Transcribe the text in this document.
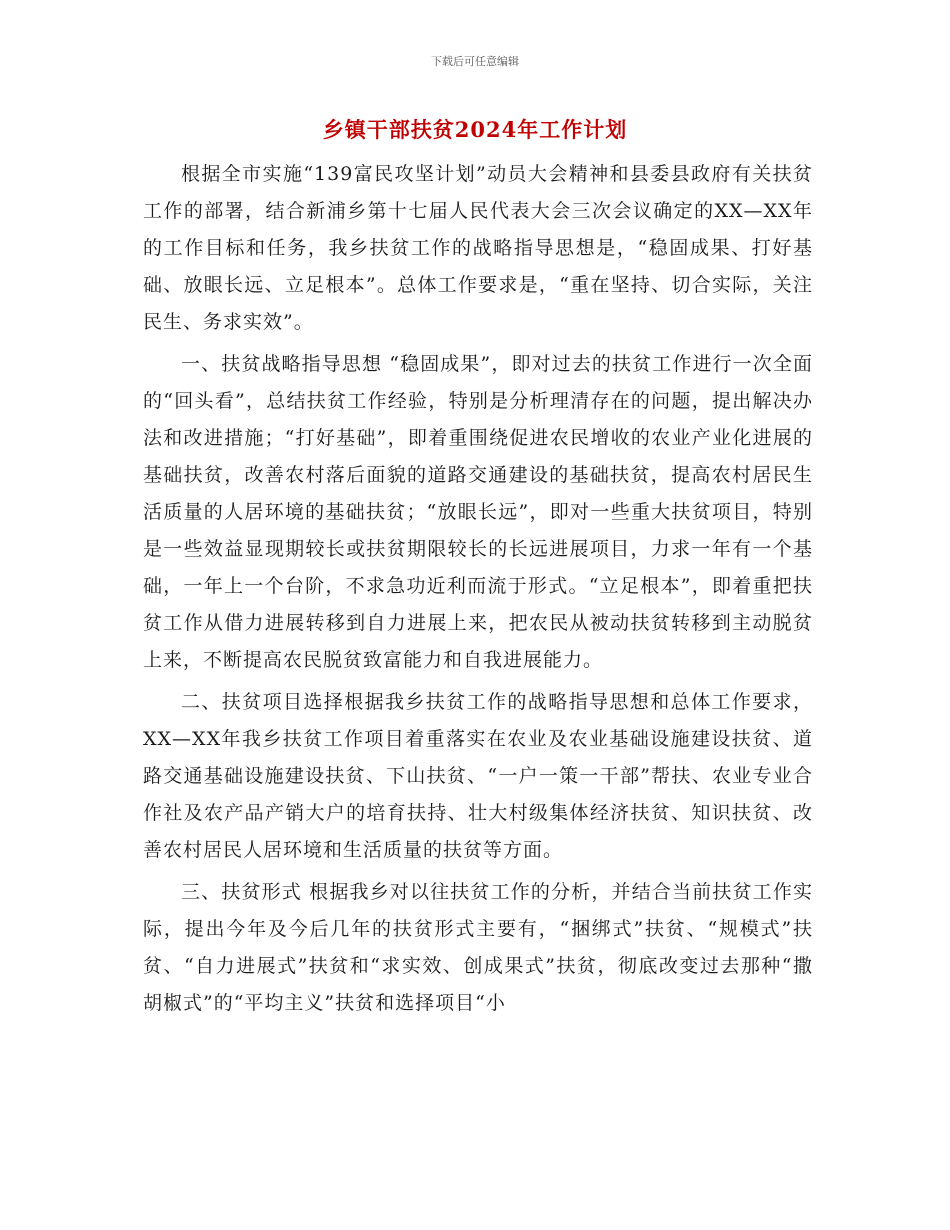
下载后可任意编辑
乡镇干部扶贫2024年工作计划

根据全市实施“139富民攻坚计划”动员大会精神和县委县政府有关扶贫工作的部署，结合新浦乡第十七届人民代表大会三次会议确定的XX—XX年的工作目标和任务，我乡扶贫工作的战略指导思想是，“稳固成果、打好基础、放眼长远、立足根本”。总体工作要求是，“重在坚持、切合实际，关注民生、务求实效”。

一、扶贫战略指导思想 “稳固成果”，即对过去的扶贫工作进行一次全面的“回头看”，总结扶贫工作经验，特别是分析理清存在的问题，提出解决办法和改进措施；“打好基础”，即着重围绕促进农民增收的农业产业化进展的基础扶贫，改善农村落后面貌的道路交通建设的基础扶贫，提高农村居民生活质量的人居环境的基础扶贫；“放眼长远”，即对一些重大扶贫项目，特别是一些效益显现期较长或扶贫期限较长的长远进展项目，力求一年有一个基础，一年上一个台阶，不求急功近利而流于形式。“立足根本”，即着重把扶贫工作从借力进展转移到自力进展上来，把农民从被动扶贫转移到主动脱贫上来，不断提高农民脱贫致富能力和自我进展能力。

二、扶贫项目选择根据我乡扶贫工作的战略指导思想和总体工作要求，XX—XX年我乡扶贫工作项目着重落实在农业及农业基础设施建设扶贫、道路交通基础设施建设扶贫、下山扶贫、“一户一策一干部”帮扶、农业专业合作社及农产品产销大户的培育扶持、壮大村级集体经济扶贫、知识扶贫、改善农村居民人居环境和生活质量的扶贫等方面。

三、扶贫形式 根据我乡对以往扶贫工作的分析，并结合当前扶贫工作实际，提出今年及今后几年的扶贫形式主要有，“捆绑式”扶贫、“规模式”扶贫、“自力进展式”扶贫和“求实效、创成果式”扶贫，彻底改变过去那种“撒胡椒式”的“平均主义”扶贫和选择项目“小
